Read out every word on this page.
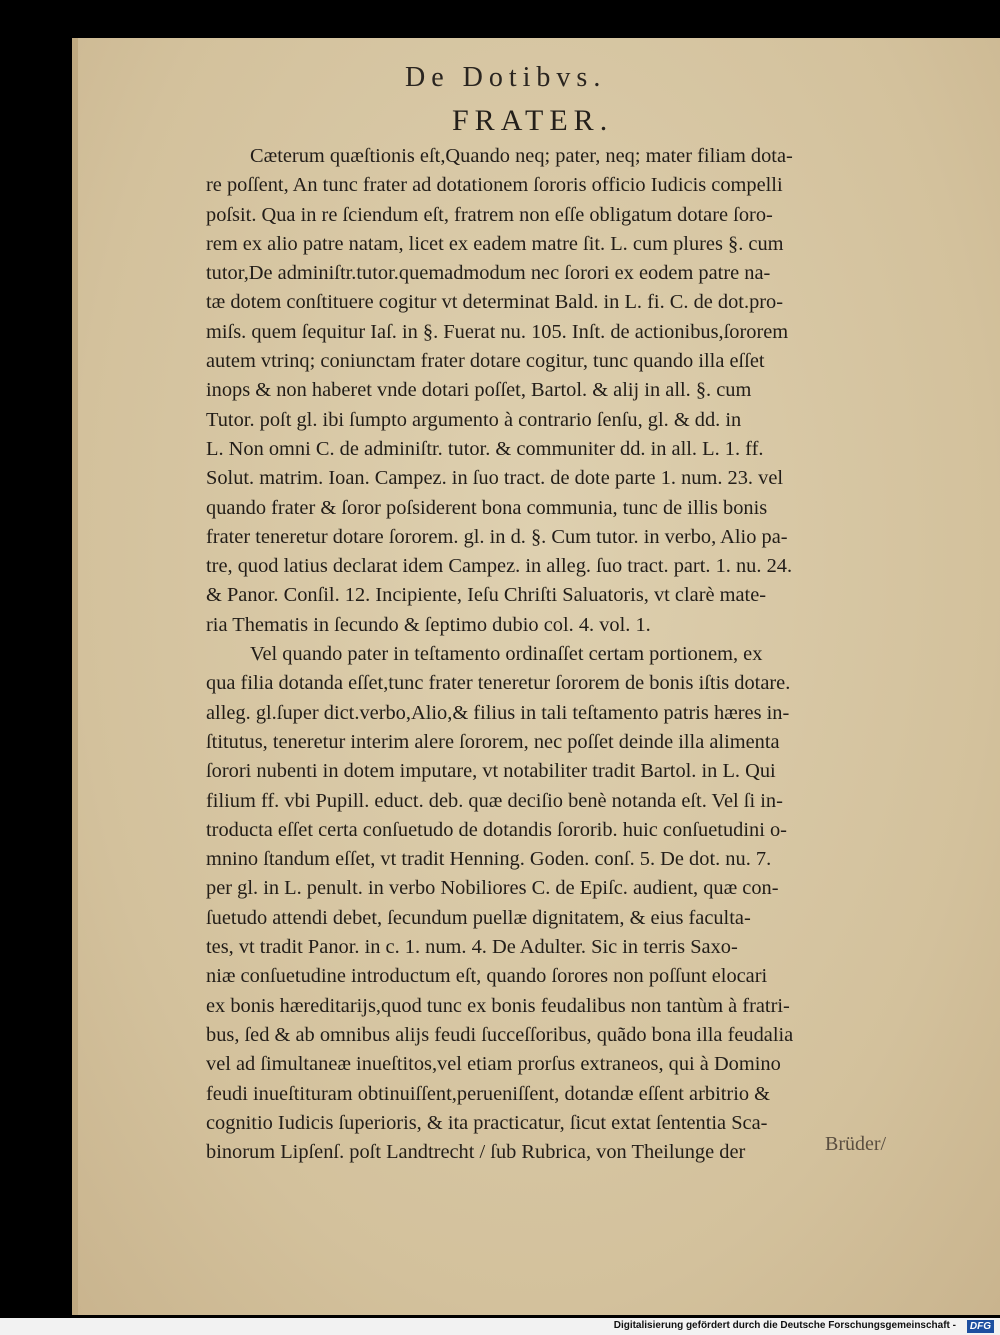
De Dotibvs.
FRATER.
Cæterum quæſtionis eſt,Quando neq; pater, neq; mater filiam dota-
re poſſent, An tunc frater ad dotationem ſororis officio Iudicis compelli
poſsit. Qua in re ſciendum eſt, fratrem non eſſe obligatum dotare ſoro-
rem ex alio patre natam, licet ex eadem matre ſit. L. cum plures §. cum
tutor,De adminiſtr.tutor.quemadmodum nec ſorori ex eodem patre na-
tæ dotem conſtituere cogitur vt determinat Bald. in L. fi. C. de dot.pro-
miſs. quem ſequitur Iaſ. in §. Fuerat nu. 105. Inſt. de actionibus,ſororem
autem vtrinq; coniunctam frater dotare cogitur, tunc quando illa eſſet
inops & non haberet vnde dotari poſſet, Bartol. & alij in all. §. cum
Tutor. poſt gl. ibi ſumpto argumento à contrario ſenſu, gl. & dd. in
L. Non omni C. de adminiſtr. tutor. & communiter dd. in all. L. 1. ff.
Solut. matrim. Ioan. Campez. in ſuo tract. de dote parte 1. num. 23. vel
quando frater & ſoror poſsiderent bona communia, tunc de illis bonis
frater teneretur dotare ſororem. gl. in d. §. Cum tutor. in verbo, Alio pa-
tre, quod latius declarat idem Campez. in alleg. ſuo tract. part. 1. nu. 24.
& Panor. Conſil. 12. Incipiente, Ieſu Chriſti Saluatoris, vt clarè mate-
ria Thematis in ſecundo & ſeptimo dubio col. 4. vol. 1.
Vel quando pater in teſtamento ordinaſſet certam portionem, ex
qua filia dotanda eſſet,tunc frater teneretur ſororem de bonis iſtis dotare.
alleg. gl.ſuper dict.verbo,Alio,& filius in tali teſtamento patris hæres in-
ſtitutus, teneretur interim alere ſororem, nec poſſet deinde illa alimenta
ſorori nubenti in dotem imputare, vt notabiliter tradit Bartol. in L. Qui
filium ff. vbi Pupill. educt. deb. quæ deciſio benè notanda eſt. Vel ſi in-
troducta eſſet certa conſuetudo de dotandis ſororib. huic conſuetudini o-
mnino ſtandum eſſet, vt tradit Henning. Goden. conſ. 5. De dot. nu. 7.
per gl. in L. penult. in verbo Nobiliores C. de Epiſc. audient, quæ con-
ſuetudo attendi debet, ſecundum puellæ dignitatem, & eius faculta-
tes, vt tradit Panor. in c. 1. num. 4. De Adulter. Sic in terris Saxo-
niæ conſuetudine introductum eſt, quando ſorores non poſſunt elocari
ex bonis hæreditarijs,quod tunc ex bonis feudalibus non tantùm à fratri-
bus, ſed & ab omnibus alijs feudi ſucceſſoribus, quãdo bona illa feudalia
vel ad ſimultaneæ inueſtitos,vel etiam prorſus extraneos, qui à Domino
feudi inueſtituram obtinuiſſent,perueniſſent, dotandæ eſſent arbitrio &
cognitio Iudicis ſuperioris, & ita practicatur, ſicut extat ſententia Sca-
binorum Lipſenſ. poſt Landtrecht / ſub Rubrica, von Theilunge der	Brüder/
Digitalisierung gefördert durch die Deutsche Forschungsgemeinschaft -	DFG
